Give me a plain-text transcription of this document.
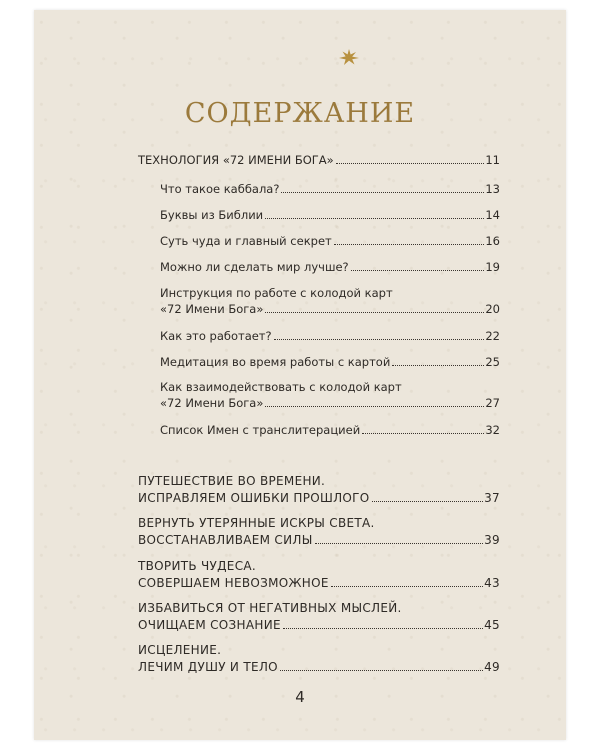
СОДЕРЖАНИЕ
ТЕХНОЛОГИЯ «72 ИМЕНИ БОГА»	11
Что такое каббала?	13
Буквы из Библии	14
Суть чуда и главный секрет	16
Можно ли сделать мир лучше?	19
Инструкция по работе с колодой карт
«72 Имени Бога»	20
Как это работает?	22
Медитация во время работы с картой	25
Как взаимодействовать с колодой карт
«72 Имени Бога»	27
Список Имен с транслитерацией	32
ПУТЕШЕСТВИЕ ВО ВРЕМЕНИ.
ИСПРАВЛЯЕМ ОШИБКИ ПРОШЛОГО	37
ВЕРНУТЬ УТЕРЯННЫЕ ИСКРЫ СВЕТА.
ВОССТАНАВЛИВАЕМ СИЛЫ	39
ТВОРИТЬ ЧУДЕСА.
СОВЕРШАЕМ НЕВОЗМОЖНОЕ	43
ИЗБАВИТЬСЯ ОТ НЕГАТИВНЫХ МЫСЛЕЙ.
ОЧИЩАЕМ СОЗНАНИЕ	45
ИСЦЕЛЕНИЕ.
ЛЕЧИМ ДУШУ И ТЕЛО	49
4
